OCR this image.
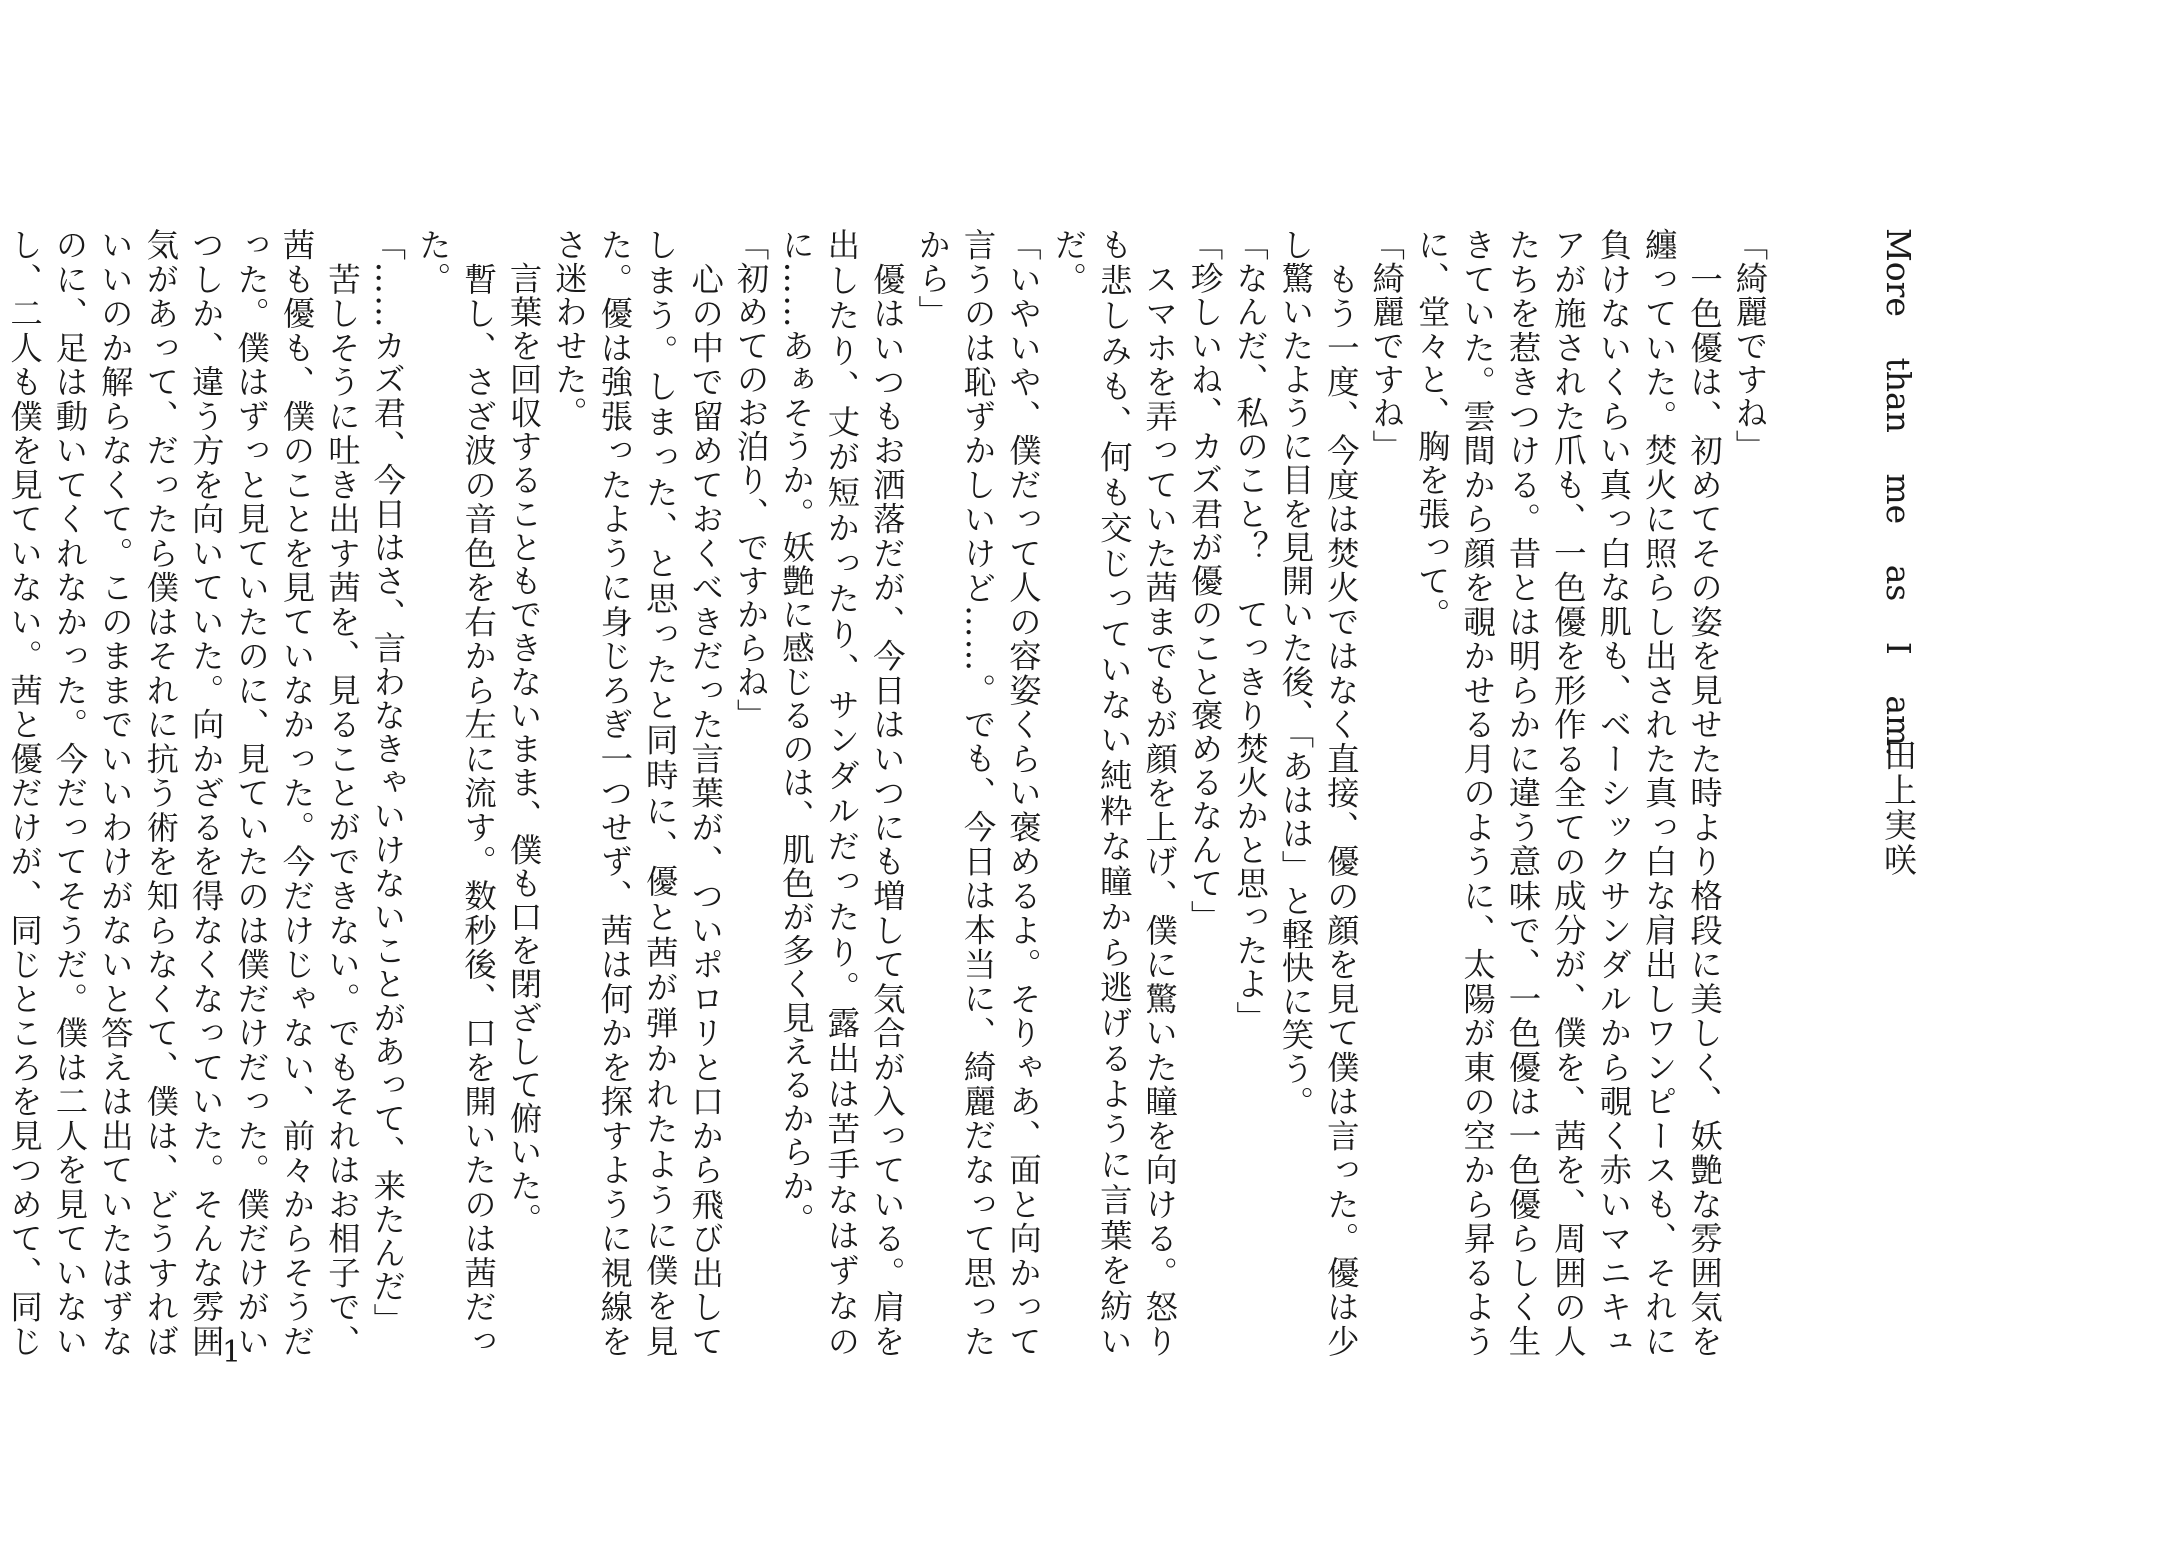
More than me as I am.
田上実咲

「綺麗ですね」

　一色優は、初めてその姿を見せた時より格段に美しく、妖艶な雰囲気を纏っていた。焚火に照らし出された真っ白な肩出しワンピースも、それに負けないくらい真っ白な肌も、ベーシックサンダルから覗く赤いマニキュアが施された爪も、一色優を形作る全ての成分が、僕を、茜を、周囲の人たちを惹きつける。昔とは明らかに違う意味で、一色優は一色優らしく生きていた。雲間から顔を覗かせる月のように、太陽が東の空から昇るように、堂々と、胸を張って。

「綺麗ですね」

　もう一度、今度は焚火ではなく直接、優の顔を見て僕は言った。優は少し驚いたように目を見開いた後、「あはは」と軽快に笑う。

「なんだ、私のこと？　てっきり焚火かと思ったよ」

「珍しいね、カズ君が優のこと褒めるなんて」

　スマホを弄っていた茜までもが顔を上げ、僕に驚いた瞳を向ける。怒りも悲しみも、何も交じっていない純粋な瞳から逃げるように言葉を紡いだ。

「いやいや、僕だって人の容姿くらい褒めるよ。そりゃあ、面と向かって言うのは恥ずかしいけど……。でも、今日は本当に、綺麗だなって思ったから」

　優はいつもお洒落だが、今日はいつにも増して気合が入っている。肩を出したり、丈が短かったり、サンダルだったり。露出は苦手なはずなのに……あぁそうか。妖艶に感じるのは、肌色が多く見えるからか。

「初めてのお泊り、ですからね」

　心の中で留めておくべきだった言葉が、ついポロリと口から飛び出してしまう。しまった、と思ったと同時に、優と茜が弾かれたように僕を見た。優は強張ったように身じろぎ一つせず、茜は何かを探すように視線をさ迷わせた。

　言葉を回収することもできないまま、僕も口を閉ざして俯いた。

　暫し、さざ波の音色を右から左に流す。数秒後、口を開いたのは茜だった。

「……カズ君、今日はさ、言わなきゃいけないことがあって、来たんだ」

　苦しそうに吐き出す茜を、見ることができない。でもそれはお相子で、茜も優も、僕のことを見ていなかった。今だけじゃない、前々からそうだった。僕はずっと見ていたのに、見ていたのは僕だけだった。僕だけがいつしか、違う方を向いていた。向かざるを得なくなっていた。そんな雰囲気があって、だったら僕はそれに抗う術を知らなくて、僕は、どうすればいいのか解らなくて。このままでいいわけがないと答えは出ていたはずなのに、足は動いてくれなかった。今だってそうだ。僕は二人を見ていないし、二人も僕を見ていない。茜と優だけが、同じところを見つめて、同じ	1
